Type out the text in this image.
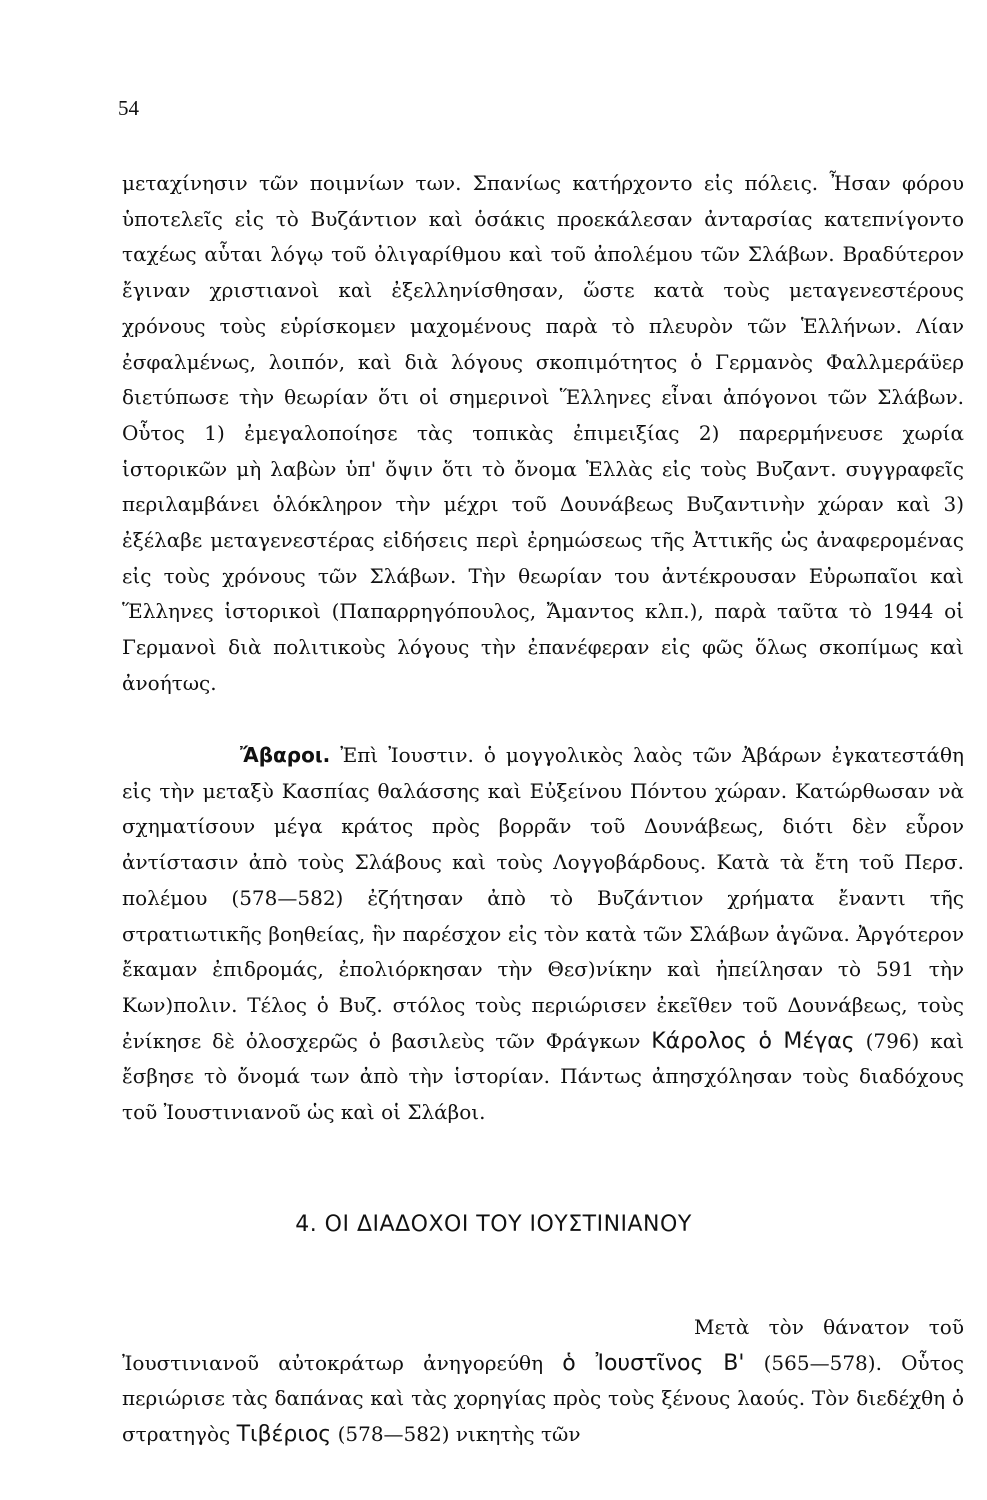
54

μεταχίνησιν τῶν ποιμνίων των. Σπανίως κατήρχοντο εἰς πόλεις. Ἦσαν φόρου ὑποτελεῖς εἰς τὸ Βυζάντιον καὶ ὁσάκις προεκάλεσαν ἀνταρσίας κατεπνίγοντο ταχέως αὗται λόγῳ τοῦ ὀλιγαρίθμου καὶ τοῦ ἀπολέμου τῶν Σλάβων. Βραδύτερον ἔγιναν χριστιανοὶ καὶ ἐξελληνίσθησαν, ὥστε κατὰ τοὺς μεταγενεστέρους χρόνους τοὺς εὑρίσκομεν μαχομένους παρὰ τὸ πλευρὸν τῶν Ἑλλήνων. Λίαν ἐσφαλμένως, λοιπόν, καὶ διὰ λόγους σκοπιμότητος ὁ Γερμανὸς Φαλλμεράϋερ διετύπωσε τὴν θεωρίαν ὅτι οἱ σημερινοὶ Ἕλληνες εἶναι ἀπόγονοι τῶν Σλάβων. Οὗτος 1) ἐμεγαλοποίησε τὰς τοπικὰς ἐπιμειξίας 2) παρερμήνευσε χωρία ἱστορικῶν μὴ λαβὼν ὑπ' ὄψιν ὅτι τὸ ὄνομα Ἑλλὰς εἰς τοὺς Βυζαντ. συγγραφεῖς περιλαμβάνει ὁλόκληρον τὴν μέχρι τοῦ Δουνάβεως Βυζαντινὴν χώραν καὶ 3) ἐξέλαβε μεταγενεστέρας εἰδήσεις περὶ ἐρημώσεως τῆς Ἀττικῆς ὡς ἀναφερομένας εἰς τοὺς χρόνους τῶν Σλάβων. Τὴν θεωρίαν του ἀντέκρουσαν Εὐρωπαῖοι καὶ Ἕλληνες ἱστορικοὶ (Παπαρρηγόπουλος, Ἄμαντος κλπ.), παρὰ ταῦτα τὸ 1944 οἱ Γερμανοὶ διὰ πολιτικοὺς λόγους τὴν ἐπανέφεραν εἰς φῶς ὅλως σκοπίμως καὶ ἀνοήτως.

Ἄβαροι. Ἐπὶ Ἰουστιν. ὁ μογγολικὸς λαὸς τῶν Ἀβάρων ἐγκατεστάθη εἰς τὴν μεταξὺ Κασπίας θαλάσσης καὶ Εὐξείνου Πόντου χώραν. Κατώρθωσαν νὰ σχηματίσουν μέγα κράτος πρὸς βορρᾶν τοῦ Δουνάβεως, διότι δὲν εὗρον ἀντίστασιν ἀπὸ τοὺς Σλάβους καὶ τοὺς Λογγοβάρδους. Κατὰ τὰ ἔτη τοῦ Περσ. πολέμου (578—582) ἐζήτησαν ἀπὸ τὸ Βυζάντιον χρήματα ἔναντι τῆς στρατιωτικῆς βοηθείας, ἣν παρέσχον εἰς τὸν κατὰ τῶν Σλάβων ἀγῶνα. Ἀργότερον ἔκαμαν ἐπιδρομάς, ἐπολιόρκησαν τὴν Θεσ)νίκην καὶ ἠπείλησαν τὸ 591 τὴν Κων)πολιν. Τέλος ὁ Βυζ. στόλος τοὺς περιώρισεν ἐκεῖθεν τοῦ Δουνάβεως, τοὺς ἐνίκησε δὲ ὁλοσχερῶς ὁ βασιλεὺς τῶν Φράγκων Κάρολος ὁ Μέγας (796) καὶ ἔσβησε τὸ ὄνομά των ἀπὸ τὴν ἱστορίαν. Πάντως ἀπησχόλησαν τοὺς διαδόχους τοῦ Ἰουστινιανοῦ ὡς καὶ οἱ Σλάβοι.

4. ΟΙ ΔΙΑΔΟΧΟΙ ΤΟΥ ΙΟΥΣΤΙΝΙΑΝΟΥ

Μετὰ τὸν θάνατον τοῦ Ἰουστινιανοῦ αὐτοκράτωρ ἀνηγορεύθη ὁ Ἰουστῖνος Β' (565—578). Οὗτος περιώρισε τὰς δαπάνας καὶ τὰς χορηγίας πρὸς τοὺς ξένους λαούς. Τὸν διεδέχθη ὁ στρατηγὸς Τιβέριος (578—582) νικητὴς τῶν
